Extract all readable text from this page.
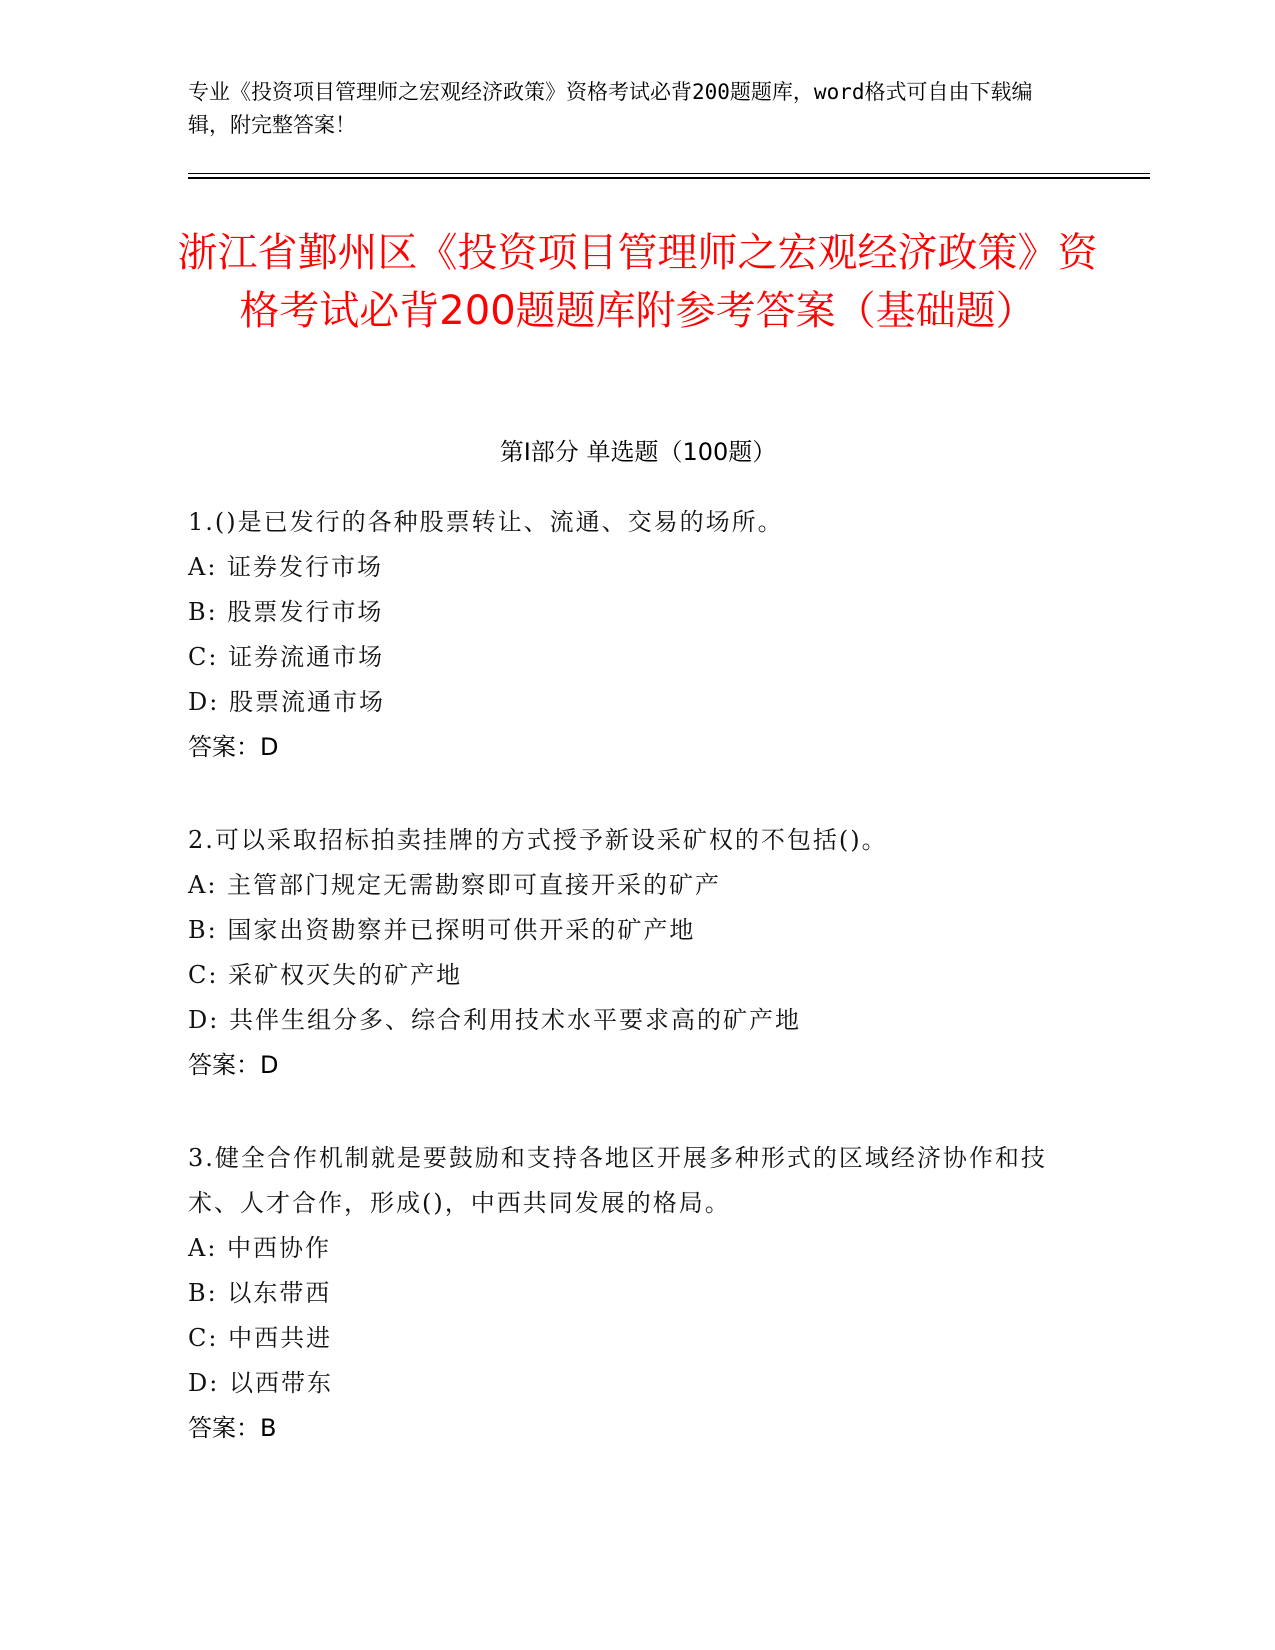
专业《投资项目管理师之宏观经济政策》资格考试必背200题题库，word格式可自由下载编辑，附完整答案！
浙江省鄞州区《投资项目管理师之宏观经济政策》资格考试必背200题题库附参考答案（基础题）
第I部分 单选题（100题）
1.()是已发行的各种股票转让、流通、交易的场所。
A: 证券发行市场
B: 股票发行市场
C: 证券流通市场
D: 股票流通市场
答案：D
2.可以采取招标拍卖挂牌的方式授予新设采矿权的不包括()。
A: 主管部门规定无需勘察即可直接开采的矿产
B: 国家出资勘察并已探明可供开采的矿产地
C: 采矿权灭失的矿产地
D: 共伴生组分多、综合利用技术水平要求高的矿产地
答案：D
3.健全合作机制就是要鼓励和支持各地区开展多种形式的区域经济协作和技术、人才合作，形成()，中西共同发展的格局。
A: 中西协作
B: 以东带西
C: 中西共进
D: 以西带东
答案：B
